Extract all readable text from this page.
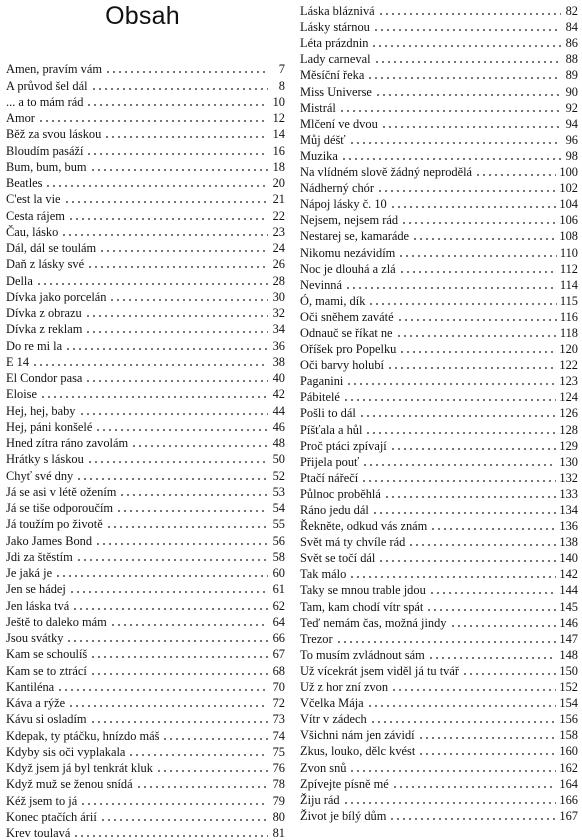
Obsah
Amen, pravím vám	7
A průvod šel dál	8
... a to mám rád	10
Amor	12
Běž za svou láskou	14
Bloudím pasáží	16
Bum, bum, bum	18
Beatles	20
C'est la vie	21
Cesta rájem	22
Čau, lásko	23
Dál, dál se toulám	24
Daň z lásky své	26
Della	28
Dívka jako porcelán	30
Dívka z obrazu	32
Dívka z reklam	34
Do re mi la	36
E 14	38
El Condor pasa	40
Eloise	42
Hej, hej, baby	44
Hej, páni konšelé	46
Hned zítra ráno zavolám	48
Hrátky s láskou	50
Chyť své dny	52
Já se asi v létě ožením	53
Já se tiše odporoučím	54
Já toužím po životě	55
Jako James Bond	56
Jdi za štěstím	58
Je jaká je	60
Jen se hádej	61
Jen láska tvá	62
Ještě to daleko mám	64
Jsou svátky	66
Kam se schoulíš	67
Kam se to ztrácí	68
Kantiléna	70
Káva a rýže	72
Kávu si osladím	73
Kdepak, ty ptáčku, hnízdo máš	74
Kdyby sis oči vyplakala	75
Když jsem já byl tenkrát kluk	76
Když muž se ženou snídá	78
Kéž jsem to já	79
Konec ptačích árií	80
Krev toulavá	81
Láska bláznivá	82
Lásky stárnou	84
Léta prázdnin	86
Lady carneval	88
Měsíční řeka	89
Miss Universe	90
Mistrál	92
Mlčení ve dvou	94
Můj déšť	96
Muzika	98
Na vlídném slově žádný neprodělá	100
Nádherný chór	102
Nápoj lásky č. 10	104
Nejsem, nejsem rád	106
Nestarej se, kamaráde	108
Nikomu nezávidím	110
Noc je dlouhá a zlá	112
Nevinná	114
Ó, mami, dík	115
Oči sněhem zaváté	116
Odnauč se říkat ne	118
Oříšek pro Popelku	120
Oči barvy holubí	122
Paganini	123
Pábitelé	124
Pošli to dál	126
Píšťala a hůl	128
Proč ptáci zpívají	129
Přijela pouť	130
Ptačí nářečí	132
Půlnoc proběhlá	133
Ráno jedu dál	134
Řekněte, odkud vás znám	136
Svět má ty chvíle rád	138
Svět se točí dál	140
Tak málo	142
Taky se mnou trable jdou	144
Tam, kam chodí vítr spát	145
Teď nemám čas, možná jindy	146
Trezor	147
To musím zvládnout sám	148
Už vícekrát jsem viděl já tu tvář	150
Už z hor zní zvon	152
Včelka Mája	154
Vítr v zádech	156
Všichni nám jen závidí	158
Zkus, louko, dělc kvést	160
Zvon snů	162
Zpívejte písně mé	164
Žiju rád	166
Život je bílý dům	167
